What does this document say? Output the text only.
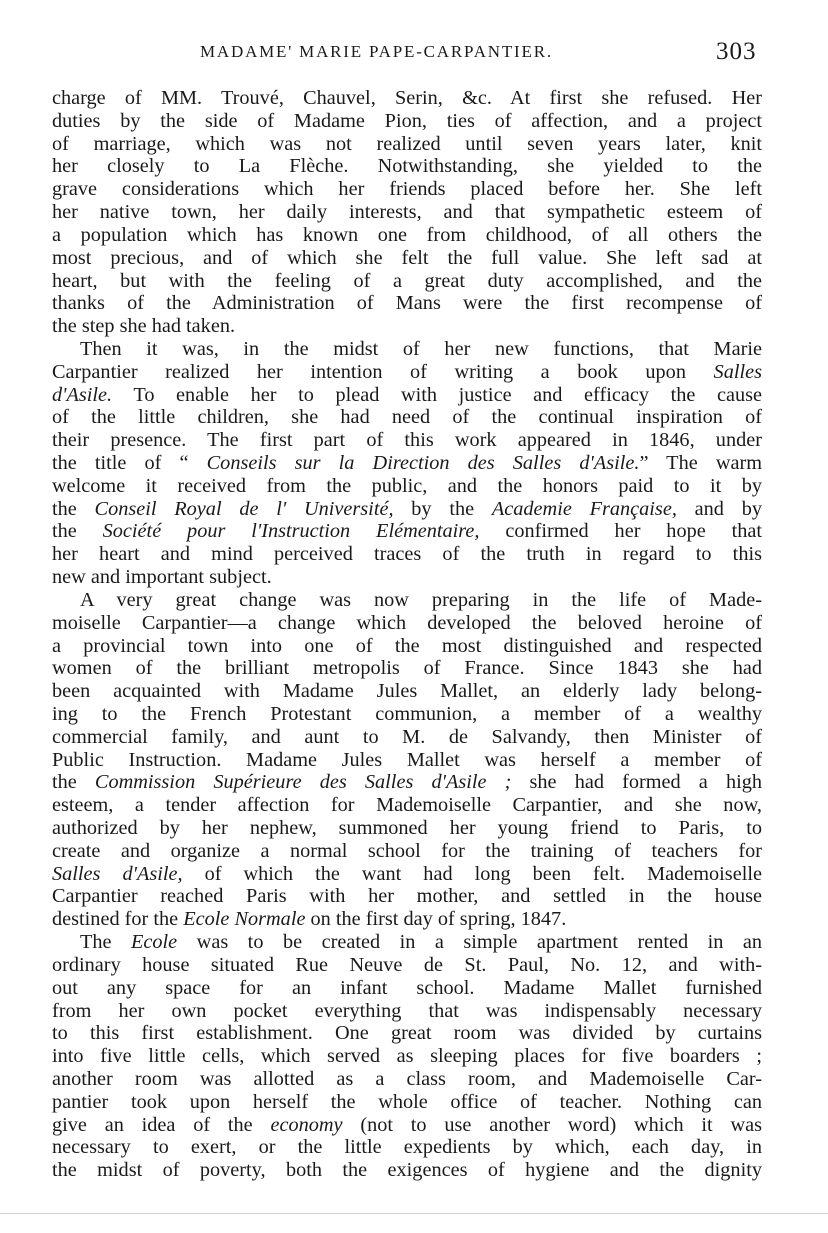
MADAME' MARIE PAPE-CARPANTIER.	303
charge of MM. Trouvé, Chauvel, Serin, &c. At first she refused. Her
duties by the side of Madame Pion, ties of affection, and a project
of marriage, which was not realized until seven years later, knit
her closely to La Flèche. Notwithstanding, she yielded to the
grave considerations which her friends placed before her. She left
her native town, her daily interests, and that sympathetic esteem of
a population which has known one from childhood, of all others the
most precious, and of which she felt the full value. She left sad at
heart, but with the feeling of a great duty accomplished, and the
thanks of the Administration of Mans were the first recompense of
the step she had taken.
Then it was, in the midst of her new functions, that Marie
Carpantier realized her intention of writing a book upon Salles
d'Asile. To enable her to plead with justice and efficacy the cause
of the little children, she had need of the continual inspiration of
their presence. The first part of this work appeared in 1846, under
the title of “ Conseils sur la Direction des Salles d'Asile.” The warm
welcome it received from the public, and the honors paid to it by
the Conseil Royal de l' Université, by the Academie Française, and by
the Société pour l'Instruction Elémentaire, confirmed her hope that
her heart and mind perceived traces of the truth in regard to this
new and important subject.
A very great change was now preparing in the life of Made-
moiselle Carpantier—a change which developed the beloved heroine of
a provincial town into one of the most distinguished and respected
women of the brilliant metropolis of France. Since 1843 she had
been acquainted with Madame Jules Mallet, an elderly lady belong-
ing to the French Protestant communion, a member of a wealthy
commercial family, and aunt to M. de Salvandy, then Minister of
Public Instruction. Madame Jules Mallet was herself a member of
the Commission Supérieure des Salles d'Asile ; she had formed a high
esteem, a tender affection for Mademoiselle Carpantier, and she now,
authorized by her nephew, summoned her young friend to Paris, to
create and organize a normal school for the training of teachers for
Salles d'Asile, of which the want had long been felt. Mademoiselle
Carpantier reached Paris with her mother, and settled in the house
destined for the Ecole Normale on the first day of spring, 1847.
The Ecole was to be created in a simple apartment rented in an
ordinary house situated Rue Neuve de St. Paul, No. 12, and with-
out any space for an infant school. Madame Mallet furnished
from her own pocket everything that was indispensably necessary
to this first establishment. One great room was divided by curtains
into five little cells, which served as sleeping places for five boarders ;
another room was allotted as a class room, and Mademoiselle Car-
pantier took upon herself the whole office of teacher. Nothing can
give an idea of the economy (not to use another word) which it was
necessary to exert, or the little expedients by which, each day, in
the midst of poverty, both the exigences of hygiene and the dignity
